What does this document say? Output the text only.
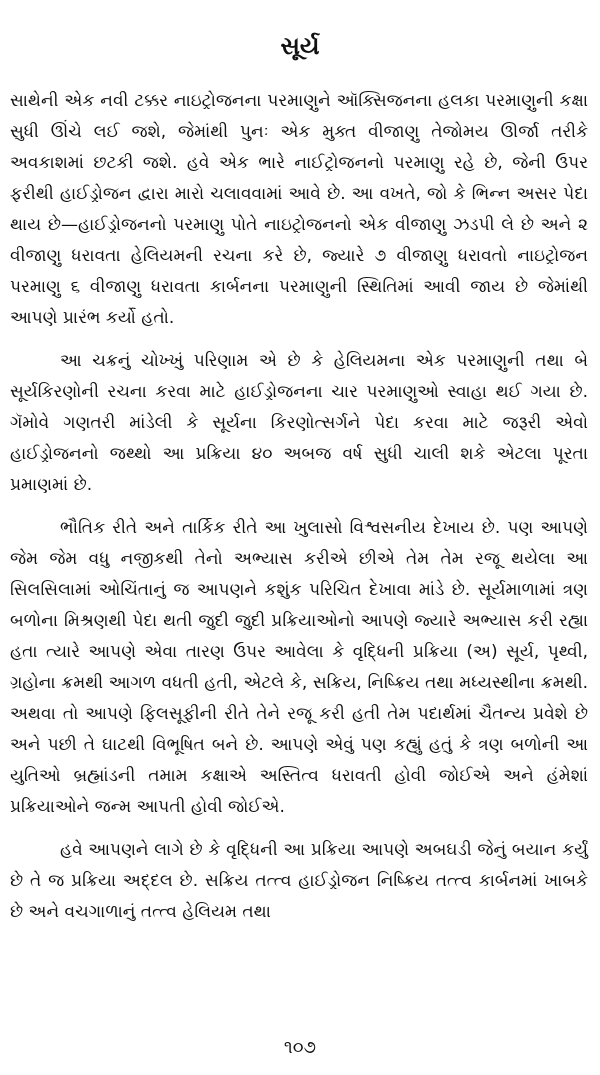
સૂર્ય

સાથેની એક નવી ટક્કર નાઇટ્રોજનના પરમાણુને ઑક્સિજનના હલકા પરમાણુની કક્ષા સુધી ઊંચે લઈ જશે, જેમાંથી પુનઃ એક મુક્ત વીજાણુ તેજોમય ઊર્જા તરીકે અવકાશમાં છટકી જશે. હવે એક ભારે નાઈટ્રોજનનો પરમાણુ રહે છે, જેની ઉપર ફરીથી હાઈડ્રોજન દ્વારા મારો ચલાવવામાં આવે છે. આ વખતે, જો કે ભિન્ન અસર પેદા થાય છે—હાઈડ્રોજનનો પરમાણુ પોતે નાઇટ્રોજનનો એક વીજાણુ ઝડપી લે છે અને ૨ વીજાણુ ધરાવતા હેલિયમની રચના કરે છે, જ્યારે ૭ વીજાણુ ધરાવતો નાઇટ્રોજન પરમાણુ ૬ વીજાણુ ધરાવતા કાર્બનના પરમાણુની સ્થિતિમાં આવી જાય છે જેમાંથી આપણે પ્રારંભ કર્યો હતો.

આ ચક્રનું ચોખ્ખું પરિણામ એ છે કે હેલિયમના એક પરમાણુની તથા બે સૂર્યકિરણોની રચના કરવા માટે હાઈડ્રોજનના ચાર પરમાણુઓ સ્વાહા થઈ ગયા છે. ગૅમોવે ગણતરી માંડેલી કે સૂર્યના કિરણોત્સર્ગને પેદા કરવા માટે જરૂરી એવો હાઈડ્રોજનનો જથ્થો આ પ્રક્રિયા ૪૦ અબજ વર્ષ સુધી ચાલી શકે એટલા પૂરતા પ્રમાણમાં છે.

ભૌતિક રીતે અને તાર્કિક રીતે આ ખુલાસો વિશ્વસનીય દેખાય છે. પણ આપણે જેમ જેમ વધુ નજીકથી તેનો અભ્યાસ કરીએ છીએ તેમ તેમ રજૂ થયેલા આ સિલસિલામાં ઓચિંતાનું જ આપણને કશુંક પરિચિત દેખાવા માંડે છે. સૂર્યમાળામાં ત્રણ બળોના મિશ્રણથી પેદા થતી જુદી જુદી પ્રક્રિયાઓનો આપણે જ્યારે અભ્યાસ કરી રહ્યા હતા ત્યારે આપણે એવા તારણ ઉપર આવેલા કે વૃદ્ધિની પ્રક્રિયા (અ) સૂર્ય, પૃથ્વી, ગ્રહોના ક્રમથી આગળ વધતી હતી, એટલે કે, સક્રિય, નિષ્ક્રિય તથા મધ્યસ્થીના ક્રમથી. અથવા તો આપણે ફિલસૂફીની રીતે તેને રજૂ કરી હતી તેમ પદાર્થમાં ચૈતન્ય પ્રવેશે છે અને પછી તે ઘાટથી વિભૂષિત બને છે. આપણે એવું પણ કહ્યું હતું કે ત્રણ બળોની આ યુતિઓ બ્રહ્માંડની તમામ કક્ષાએ અસ્તિત્વ ધરાવતી હોવી જોઈએ અને હંમેશાં પ્રક્રિયાઓને જન્મ આપતી હોવી જોઈએ.

હવે આપણને લાગે છે કે વૃદ્ધિની આ પ્રક્રિયા આપણે અબઘડી જેનું બયાન કર્યું છે તે જ પ્રક્રિયા અદ્દલ છે. સક્રિય તત્ત્વ હાઈડ્રોજન નિષ્ક્રિય તત્ત્વ કાર્બનમાં ખાબકે છે અને વચગાળાનું તત્ત્વ હેલિયમ તથા

૧૦૭
